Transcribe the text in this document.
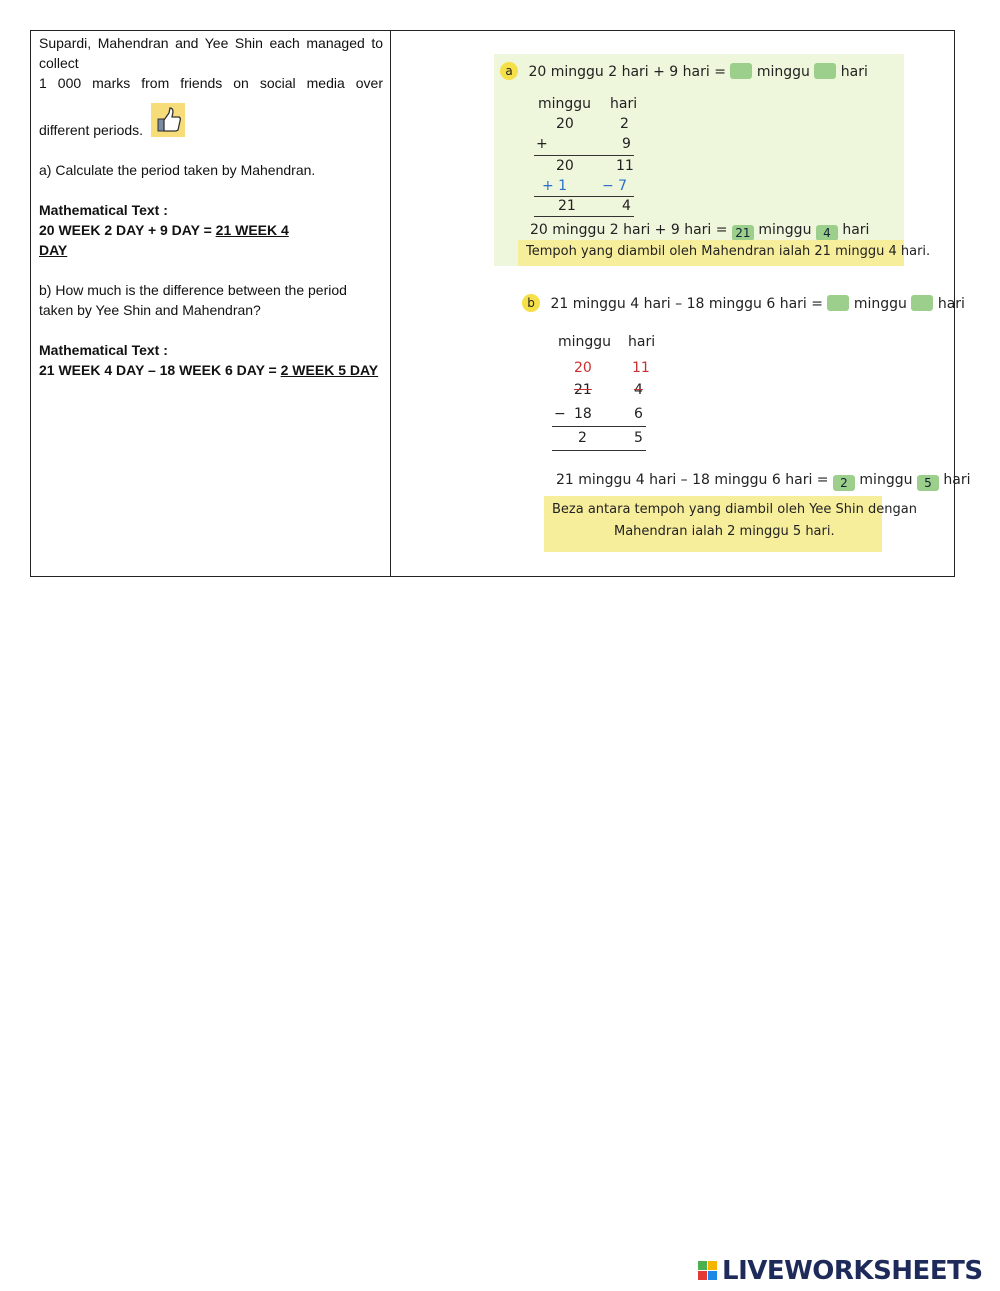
Supardi, Mahendran and Yee Shin each managed to collect

1 000 marks from friends on social media over

different periods.

a) Calculate the period taken by Mahendran.

Mathematical Text :

20 WEEK 2 DAY + 9 DAY = 21 WEEK 4

DAY

b) How much is the difference between the period

taken by Yee Shin and Mahendran?

Mathematical Text :

21 WEEK 4 DAY – 18 WEEK 6 DAY = 2 WEEK 5 DAY

a 20 minggu 2 hari + 9 hari = minggu hari
minggu hari
20	2
+	9
20	11
+ 1 − 7
21	4
20 minggu 2 hari + 9 hari = 21 minggu 4 hari
Tempoh yang diambil oleh Mahendran ialah 21 minggu 4 hari.
b 21 minggu 4 hari – 18 minggu 6 hari = minggu hari
minggu hari
20	11
21	4
− 18	6
2	5
21 minggu 4 hari – 18 minggu 6 hari = 2 minggu 5 hari
Beza antara tempoh yang diambil oleh Yee Shin dengan
Mahendran ialah 2 minggu 5 hari.
LIVEWORKSHEETS
